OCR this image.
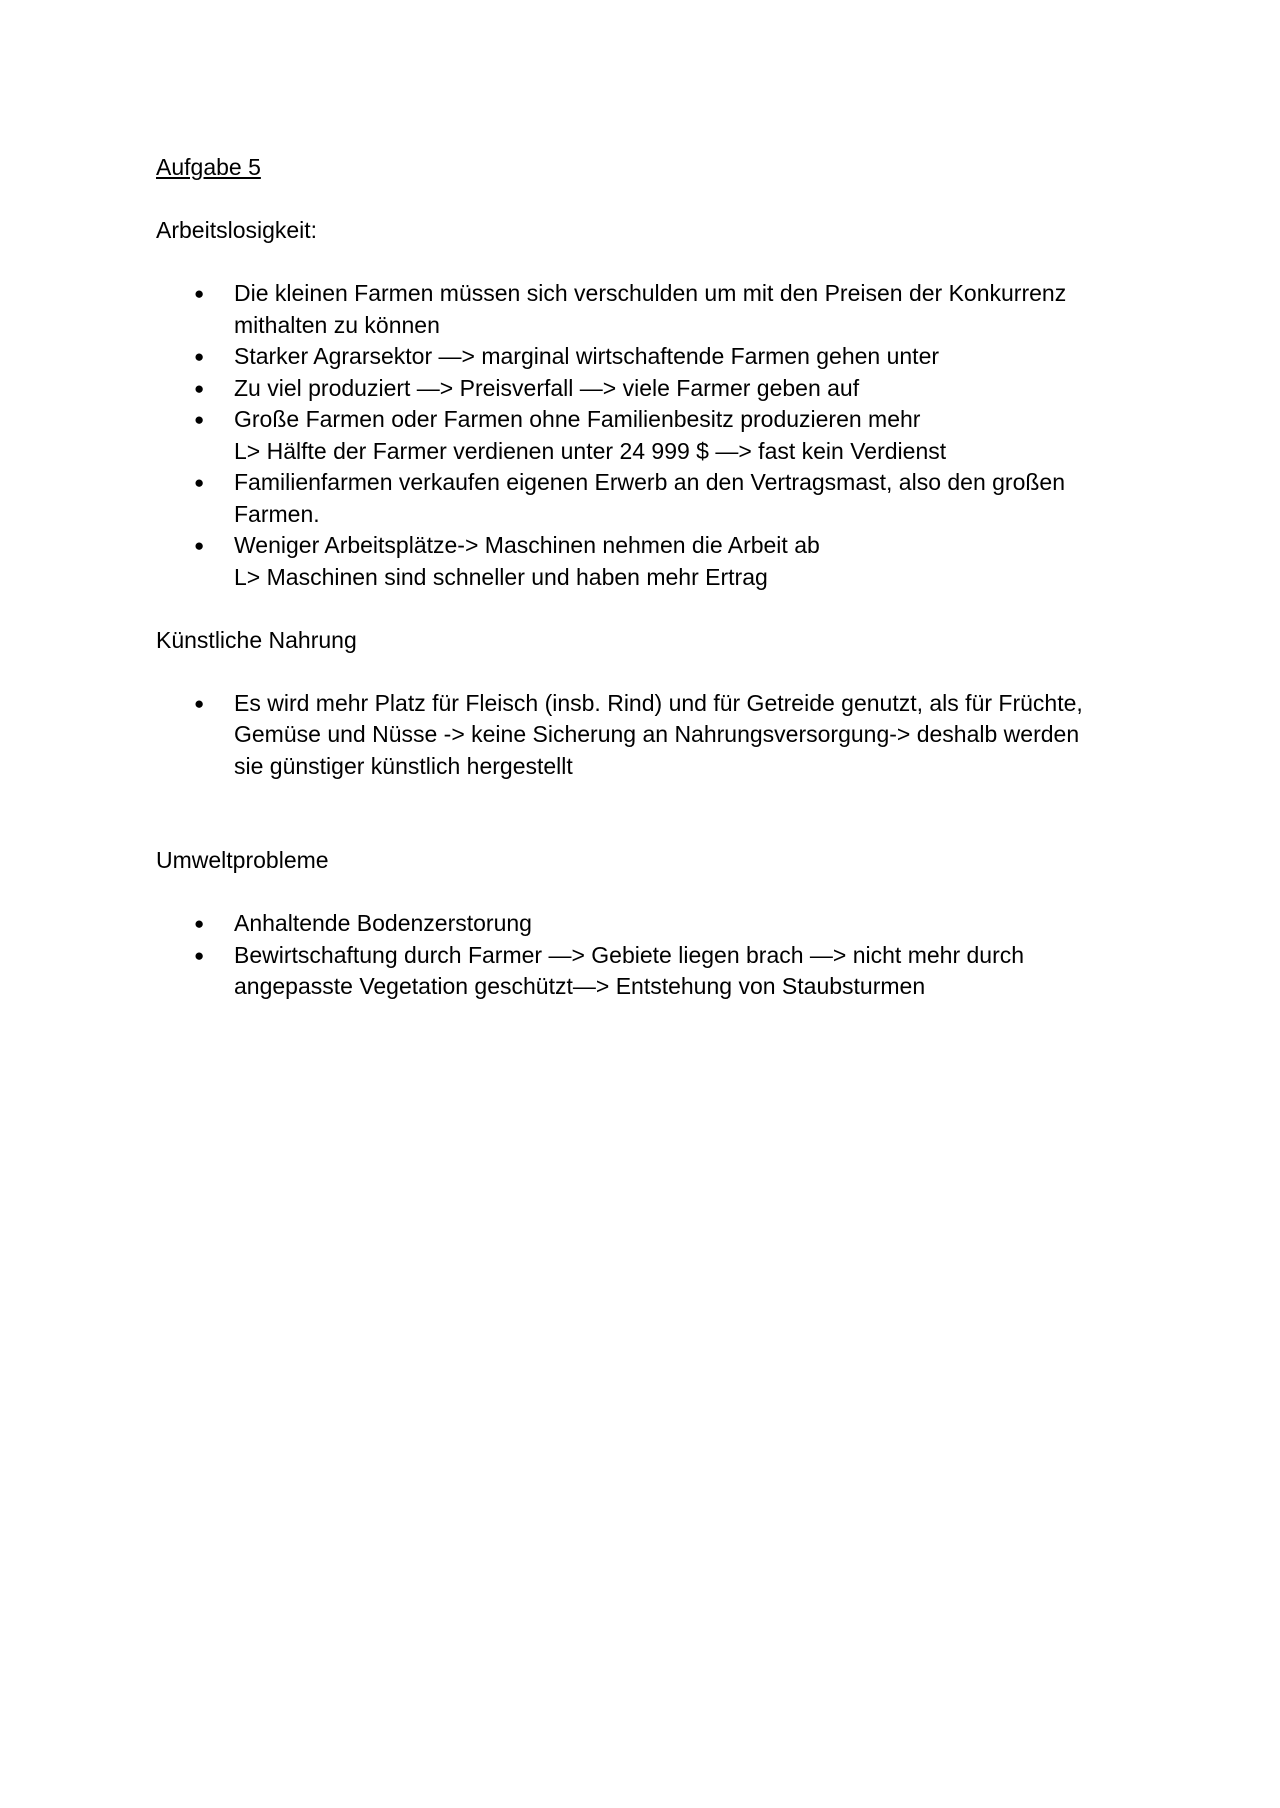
Aufgabe 5
Arbeitslosigkeit:
● Die kleinen Farmen müssen sich verschulden um mit den Preisen der Konkurrenz
mithalten zu können
● Starker Agrarsektor —> marginal wirtschaftende Farmen gehen unter
● Zu viel produziert —> Preisverfall —> viele Farmer geben auf
● Große Farmen oder Farmen ohne Familienbesitz produzieren mehr
L> Hälfte der Farmer verdienen unter 24 999 $ —> fast kein Verdienst
● Familienfarmen verkaufen eigenen Erwerb an den Vertragsmast, also den großen
Farmen.
● Weniger Arbeitsplätze-> Maschinen nehmen die Arbeit ab
L> Maschinen sind schneller und haben mehr Ertrag
Künstliche Nahrung
● Es wird mehr Platz für Fleisch (insb. Rind) und für Getreide genutzt, als für Früchte,
Gemüse und Nüsse -> keine Sicherung an Nahrungsversorgung-> deshalb werden
sie günstiger künstlich hergestellt
Umweltprobleme
● Anhaltende Bodenzerstorung
● Bewirtschaftung durch Farmer —> Gebiete liegen brach —> nicht mehr durch
angepasste Vegetation geschützt—> Entstehung von Staubsturmen
